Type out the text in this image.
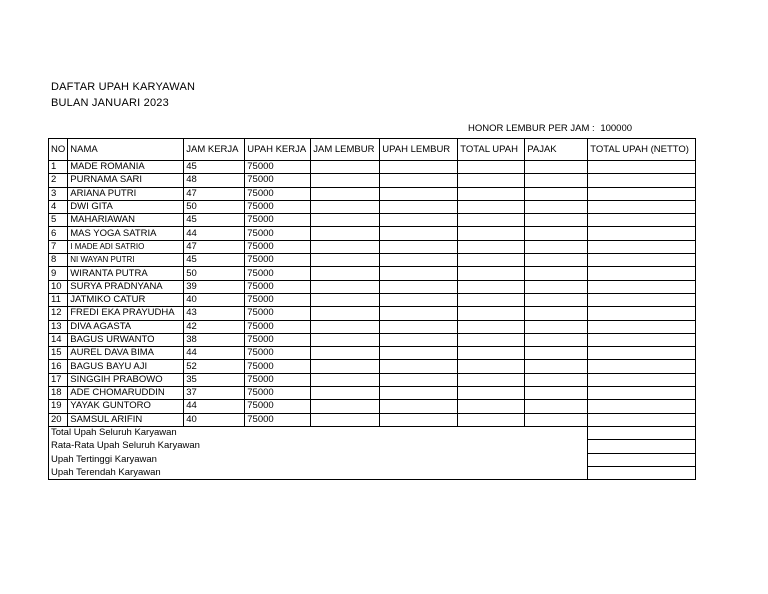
DAFTAR UPAH KARYAWAN
BULAN JANUARI 2023
HONOR LEMBUR PER JAM : 100000
NO	NAMA	JAM KERJA	UPAH KERJA	JAM LEMBUR	UPAH LEMBUR	TOTAL UPAH	PAJAK	TOTAL UPAH (NETTO)
1	MADE ROMANIA	45	75000					
2	PURNAMA SARI	48	75000					
3	ARIANA PUTRI	47	75000					
4	DWI GITA	50	75000					
5	MAHARIAWAN	45	75000					
6	MAS YOGA SATRIA	44	75000					
7	I MADE ADI SATRIO	47	75000					
8	NI WAYAN PUTRI	45	75000					
9	WIRANTA PUTRA	50	75000					
10	SURYA PRADNYANA	39	75000					
11	JATMIKO CATUR	40	75000					
12	FREDI EKA PRAYUDHA	43	75000					
13	DIVA AGASTA	42	75000					
14	BAGUS URWANTO	38	75000					
15	AUREL DAVA BIMA	44	75000					
16	BAGUS BAYU AJI	52	75000					
17	SINGGIH PRABOWO	35	75000					
18	ADE CHOMARUDDIN	37	75000					
19	YAYAK GUNTORO	44	75000					
20	SAMSUL ARIFIN	40	75000					
Total Upah Seluruh Karyawan								
Rata-Rata Upah Seluruh Karyawan								
Upah Tertinggi Karyawan								
Upah Terendah Karyawan								
